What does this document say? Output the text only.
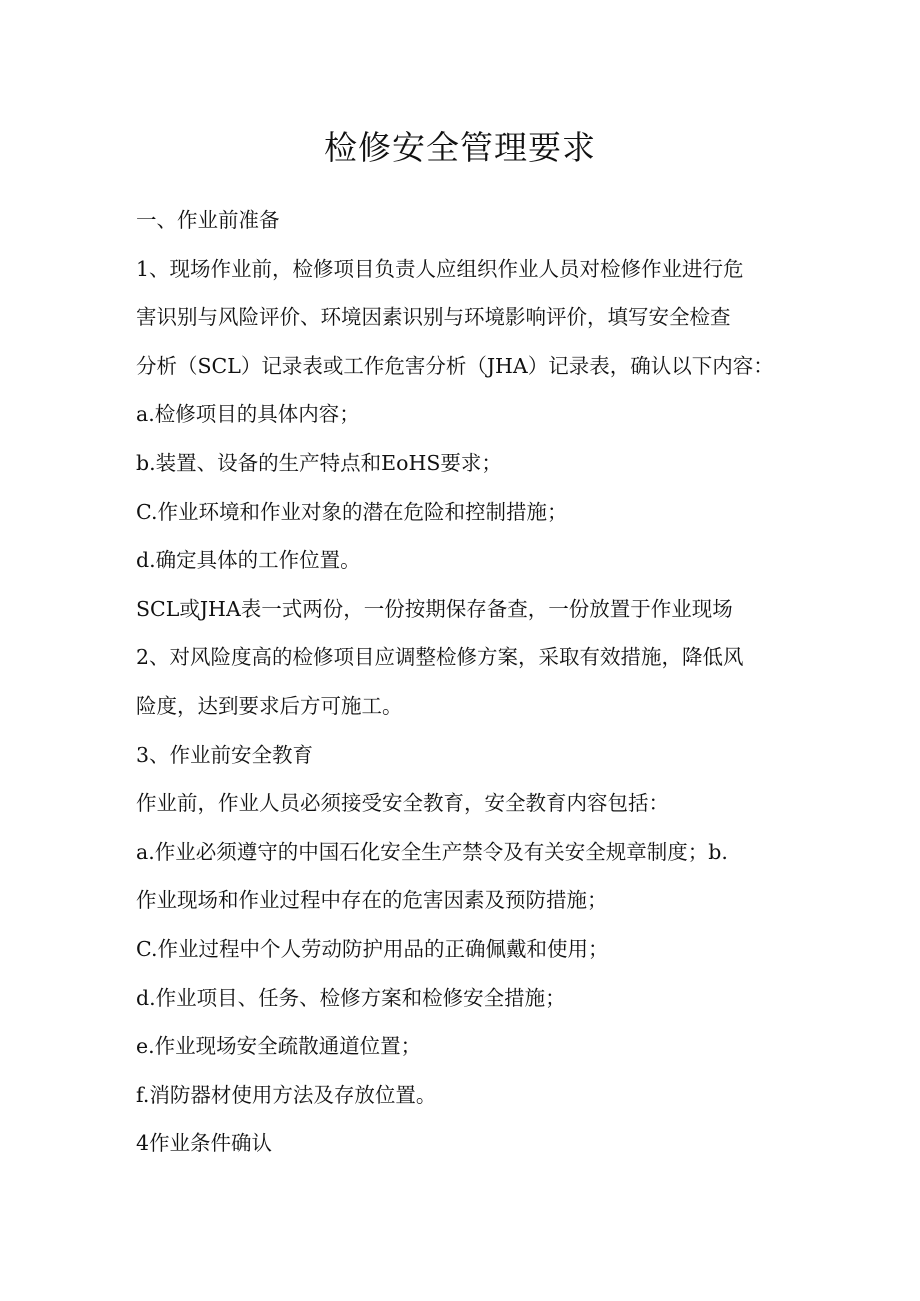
检修安全管理要求
一、作业前准备
1、现场作业前，检修项目负责人应组织作业人员对检修作业进行危
害识别与风险评价、环境因素识别与环境影响评价，填写安全检查
分析（SCL）记录表或工作危害分析（JHA）记录表，确认以下内容：
a.检修项目的具体内容；
b.装置、设备的生产特点和EoHS要求；
C.作业环境和作业对象的潜在危险和控制措施；
d.确定具体的工作位置。
SCL或JHA表一式两份，一份按期保存备查，一份放置于作业现场
2、对风险度高的检修项目应调整检修方案，采取有效措施，降低风
险度，达到要求后方可施工。
3、作业前安全教育
作业前，作业人员必须接受安全教育，安全教育内容包括：
a.作业必须遵守的中国石化安全生产禁令及有关安全规章制度；b.
作业现场和作业过程中存在的危害因素及预防措施；
C.作业过程中个人劳动防护用品的正确佩戴和使用；
d.作业项目、任务、检修方案和检修安全措施；
e.作业现场安全疏散通道位置；
f.消防器材使用方法及存放位置。
4作业条件确认
